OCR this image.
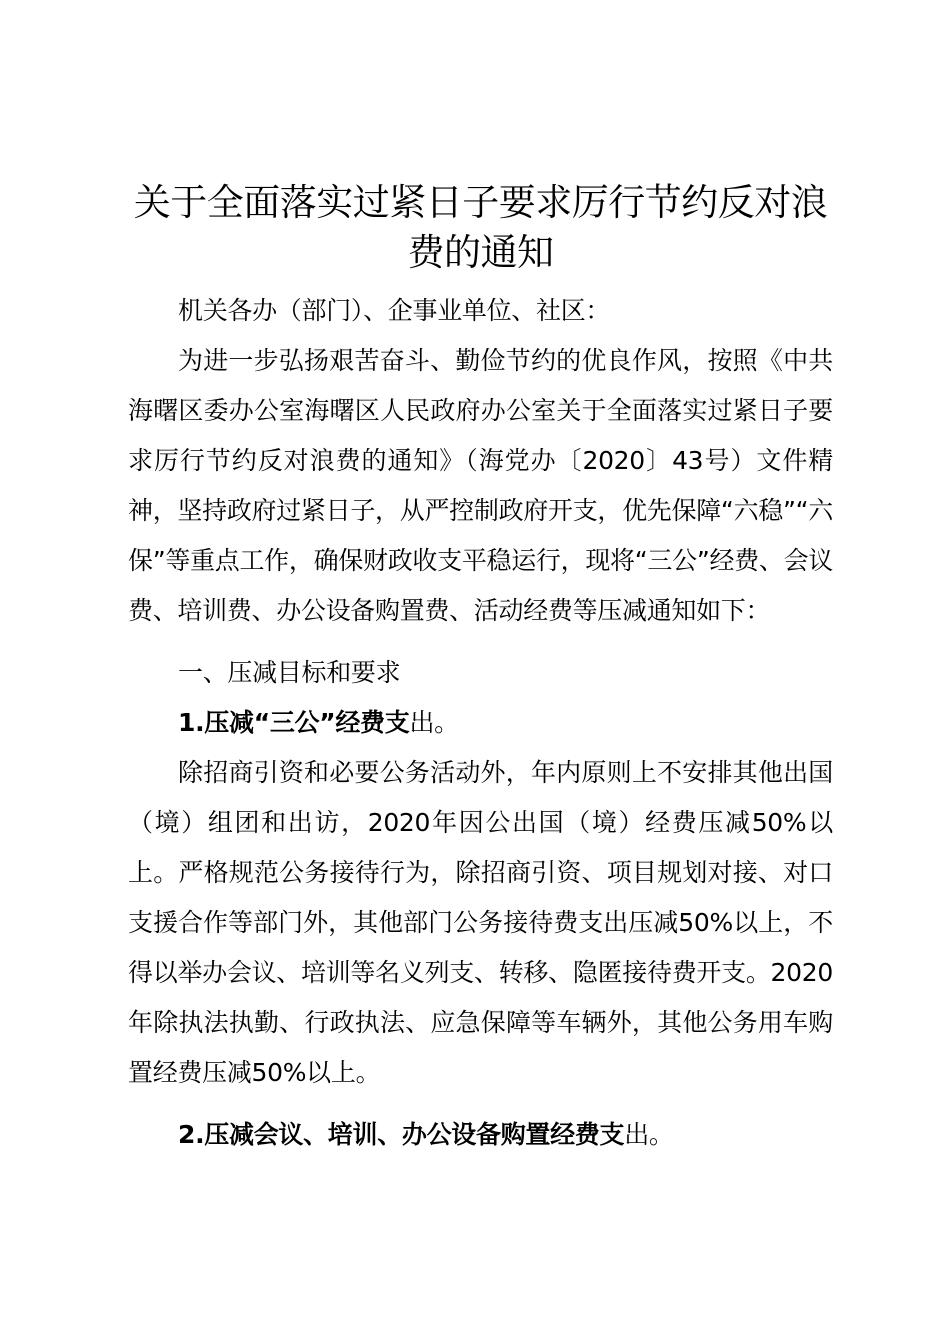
关于全面落实过紧日子要求厉行节约反对浪费的通知

机关各办（部门）、企事业单位、社区：

为进一步弘扬艰苦奋斗、勤俭节约的优良作风，按照《中共海曙区委办公室海曙区人民政府办公室关于全面落实过紧日子要求厉行节约反对浪费的通知》（海党办〔2020〕43号）文件精神，坚持政府过紧日子，从严控制政府开支，优先保障“六稳”“六保”等重点工作，确保财政收支平稳运行，现将“三公”经费、会议费、培训费、办公设备购置费、活动经费等压减通知如下：

一、压减目标和要求

1.压减“三公”经费支出。

除招商引资和必要公务活动外，年内原则上不安排其他出国（境）组团和出访，2020年因公出国（境）经费压减50%以上。严格规范公务接待行为，除招商引资、项目规划对接、对口支援合作等部门外，其他部门公务接待费支出压减50%以上，不得以举办会议、培训等名义列支、转移、隐匿接待费开支。2020年除执法执勤、行政执法、应急保障等车辆外，其他公务用车购置经费压减50%以上。

2.压减会议、培训、办公设备购置经费支出。
